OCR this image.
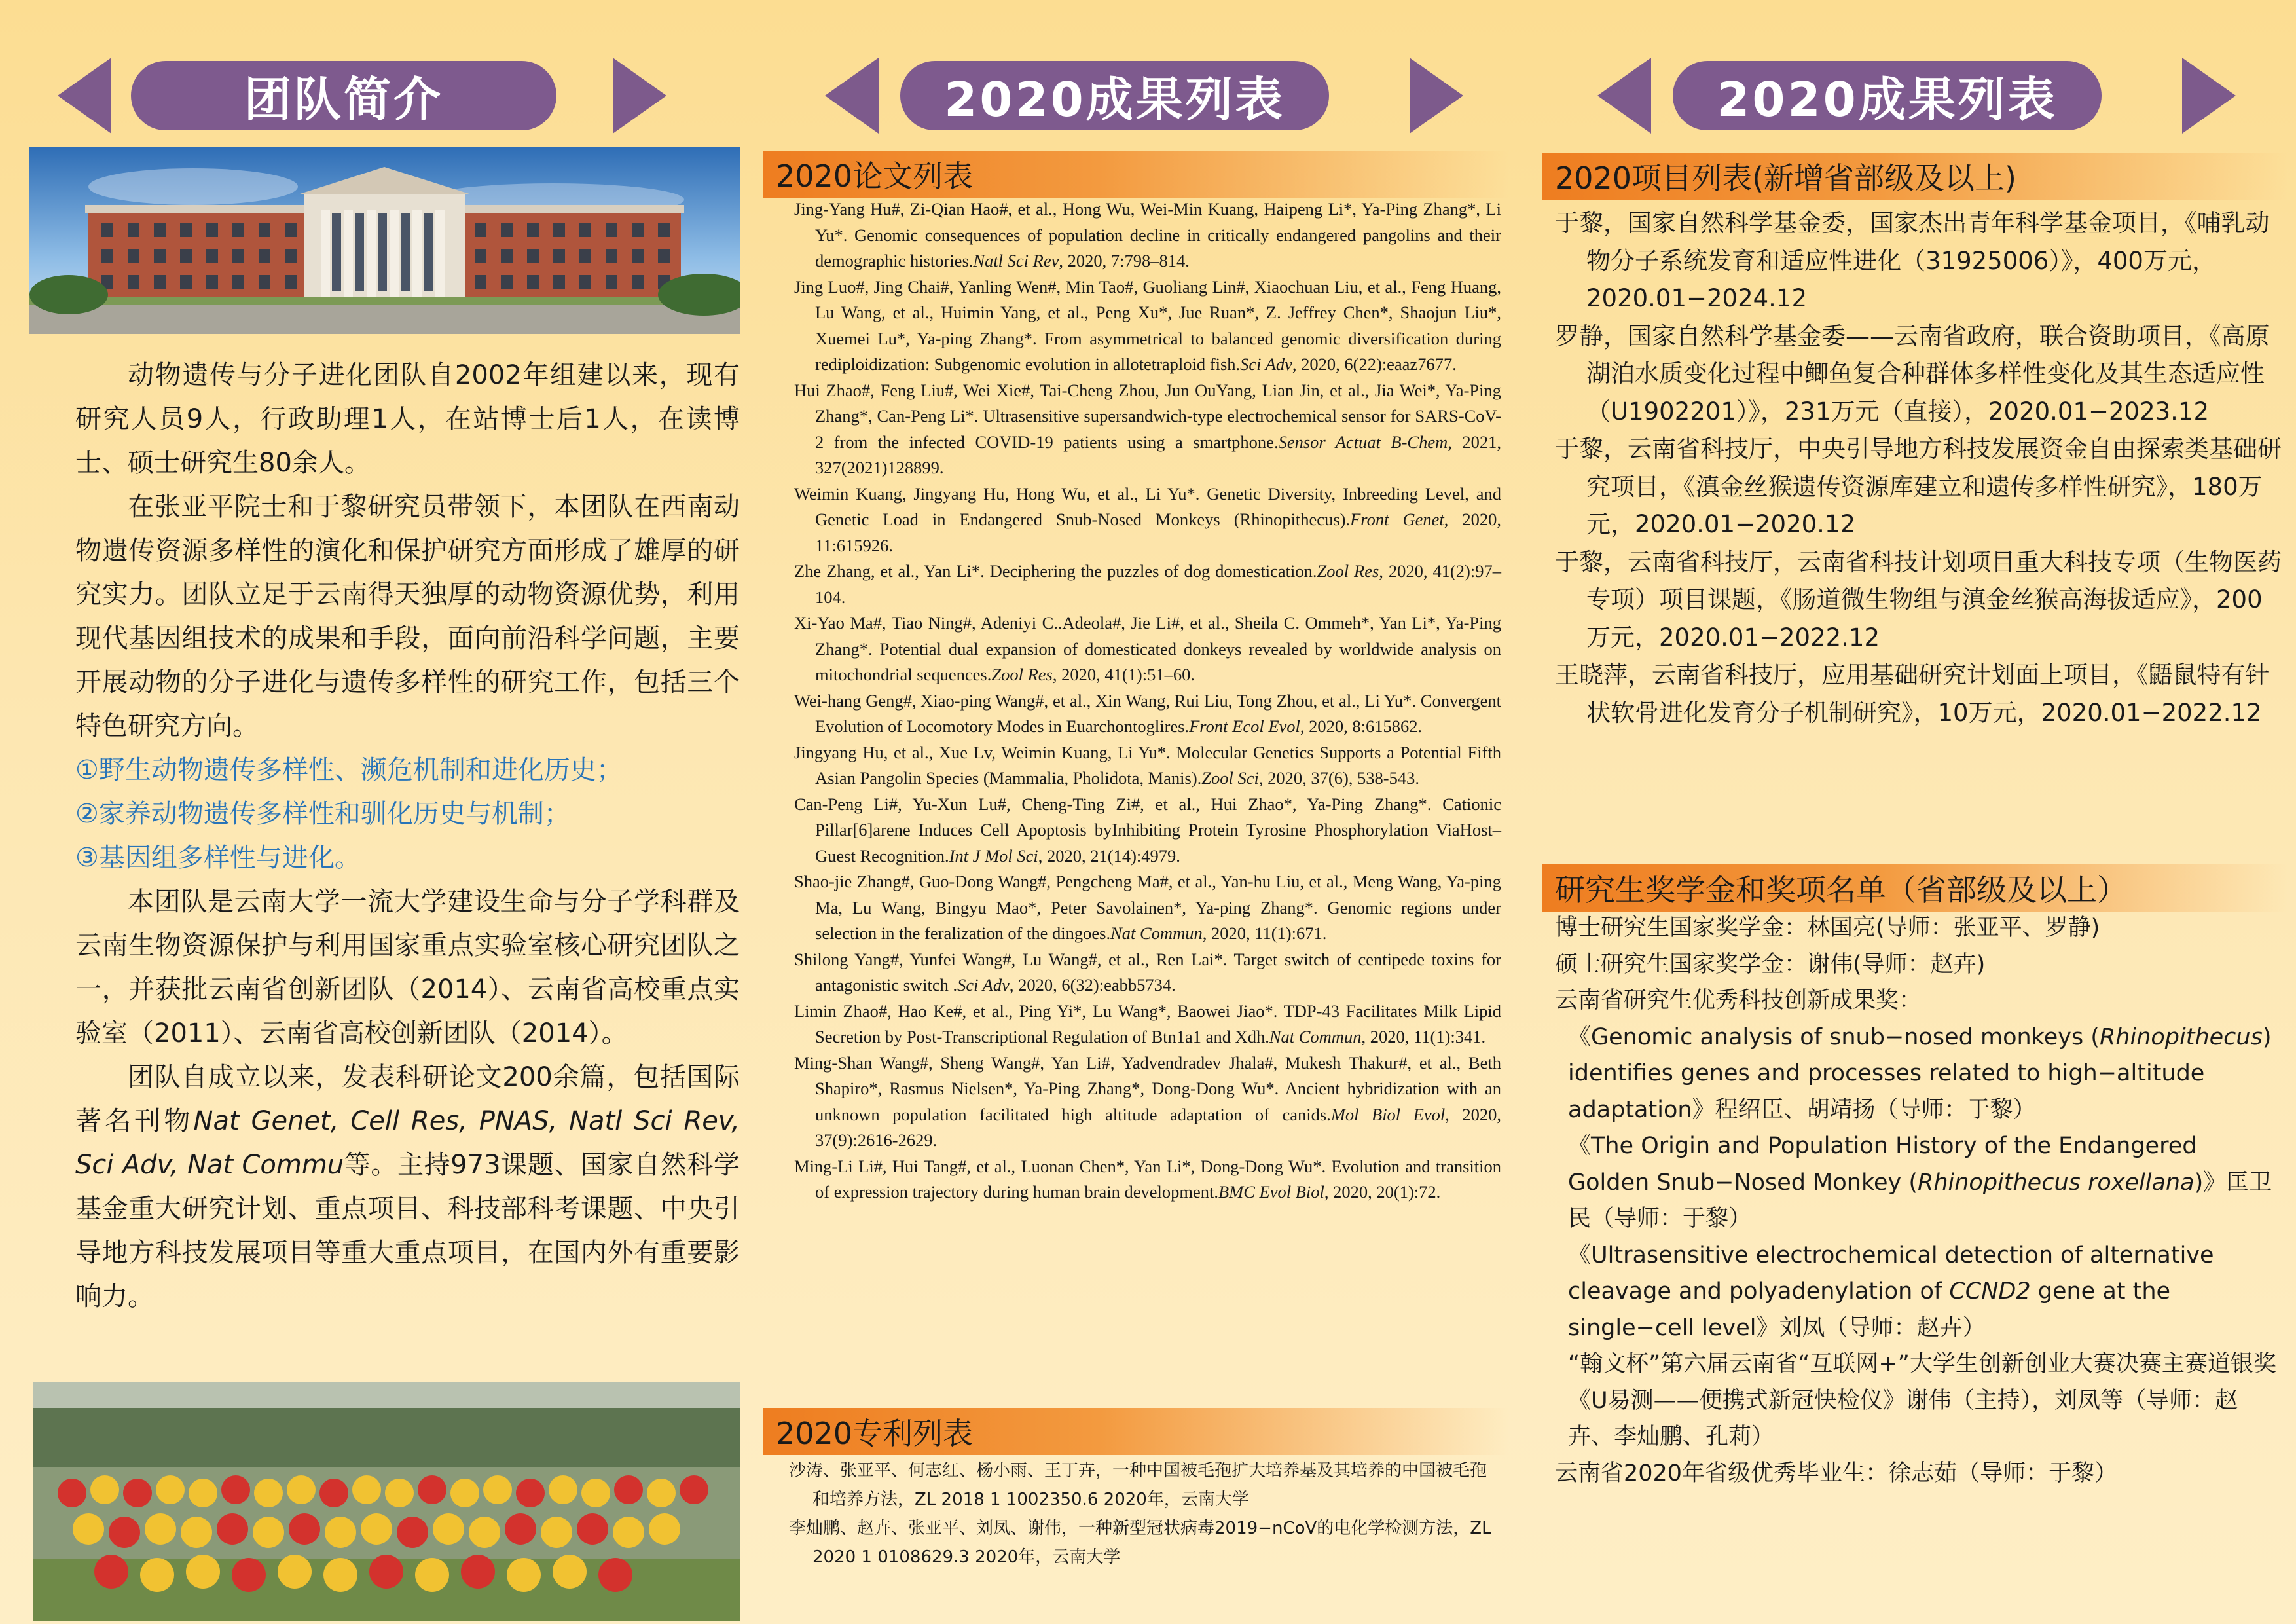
团队简介

动物遗传与分子进化团队自2002年组建以来，现有研究人员9人，行政助理1人，在站博士后1人，在读博士、硕士研究生80余人。

在张亚平院士和于黎研究员带领下，本团队在西南动物遗传资源多样性的演化和保护研究方面形成了雄厚的研究实力。团队立足于云南得天独厚的动物资源优势，利用现代基因组技术的成果和手段，面向前沿科学问题，主要开展动物的分子进化与遗传多样性的研究工作，包括三个特色研究方向。

①野生动物遗传多样性、濒危机制和进化历史；

②家养动物遗传多样性和驯化历史与机制；

③基因组多样性与进化。

本团队是云南大学一流大学建设生命与分子学科群及云南生物资源保护与利用国家重点实验室核心研究团队之一，并获批云南省创新团队（2014）、云南省高校重点实验室（2011）、云南省高校创新团队（2014）。

团队自成立以来，发表科研论文200余篇，包括国际著名刊物Nat Genet, Cell Res, PNAS, Natl Sci Rev, Sci Adv, Nat Commu等。主持973课题、国家自然科学基金重大研究计划、重点项目、科技部科考课题、中央引导地方科技发展项目等重大重点项目，在国内外有重要影响力。

2020成果列表
2020论文列表

Jing-Yang Hu#, Zi-Qian Hao#, et al., Hong Wu, Wei-Min Kuang, Haipeng Li*, Ya-Ping Zhang*, Li Yu*. Genomic consequences of population decline in critically endangered pangolins and their demographic histories.Natl Sci Rev, 2020, 7:798–814.

Jing Luo#, Jing Chai#, Yanling Wen#, Min Tao#, Guoliang Lin#, Xiaochuan Liu, et al., Feng Huang, Lu Wang, et al., Huimin Yang, et al., Peng Xu*, Jue Ruan*, Z. Jeffrey Chen*, Shaojun Liu*, Xuemei Lu*, Ya-ping Zhang*. From asymmetrical to balanced genomic diversification during rediploidization: Subgenomic evolution in allotetraploid fish.Sci Adv, 2020, 6(22):eaaz7677.

Hui Zhao#, Feng Liu#, Wei Xie#, Tai-Cheng Zhou, Jun OuYang, Lian Jin, et al., Jia Wei*, Ya-Ping Zhang*, Can-Peng Li*. Ultrasensitive supersandwich-type electrochemical sensor for SARS-CoV-2 from the infected COVID-19 patients using a smartphone.Sensor Actuat B-Chem, 2021, 327(2021)128899.

Weimin Kuang, Jingyang Hu, Hong Wu, et al., Li Yu*. Genetic Diversity, Inbreeding Level, and Genetic Load in Endangered Snub-Nosed Monkeys (Rhinopithecus).Front Genet, 2020, 11:615926.

Zhe Zhang, et al., Yan Li*. Deciphering the puzzles of dog domestication.Zool Res, 2020, 41(2):97–104.

Xi-Yao Ma#, Tiao Ning#, Adeniyi C..Adeola#, Jie Li#, et al., Sheila C. Ommeh*, Yan Li*, Ya-Ping Zhang*. Potential dual expansion of domesticated donkeys revealed by worldwide analysis on mitochondrial sequences.Zool Res, 2020, 41(1):51–60.

Wei-hang Geng#, Xiao-ping Wang#, et al., Xin Wang, Rui Liu, Tong Zhou, et al., Li Yu*. Convergent Evolution of Locomotory Modes in Euarchontoglires.Front Ecol Evol, 2020, 8:615862.

Jingyang Hu, et al., Xue Lv, Weimin Kuang, Li Yu*. Molecular Genetics Supports a Potential Fifth Asian Pangolin Species (Mammalia, Pholidota, Manis).Zool Sci, 2020, 37(6), 538-543.

Can-Peng Li#, Yu-Xun Lu#, Cheng-Ting Zi#, et al., Hui Zhao*, Ya-Ping Zhang*. Cationic Pillar[6]arene Induces Cell Apoptosis byInhibiting Protein Tyrosine Phosphorylation ViaHost–Guest Recognition.Int J Mol Sci, 2020, 21(14):4979.

Shao-jie Zhang#, Guo-Dong Wang#, Pengcheng Ma#, et al., Yan-hu Liu, et al., Meng Wang, Ya-ping Ma, Lu Wang, Bingyu Mao*, Peter Savolainen*, Ya-ping Zhang*. Genomic regions under selection in the feralization of the dingoes.Nat Commun, 2020, 11(1):671.

Shilong Yang#, Yunfei Wang#, Lu Wang#, et al., Ren Lai*. Target switch of centipede toxins for antagonistic switch .Sci Adv, 2020, 6(32):eabb5734.

Limin Zhao#, Hao Ke#, et al., Ping Yi*, Lu Wang*, Baowei Jiao*. TDP-43 Facilitates Milk Lipid Secretion by Post-Transcriptional Regulation of Btn1a1 and Xdh.Nat Commun, 2020, 11(1):341.

Ming-Shan Wang#, Sheng Wang#, Yan Li#, Yadvendradev Jhala#, Mukesh Thakur#, et al., Beth Shapiro*, Rasmus Nielsen*, Ya-Ping Zhang*, Dong-Dong Wu*. Ancient hybridization with an unknown population facilitated high altitude adaptation of canids.Mol Biol Evol, 2020, 37(9):2616-2629.

Ming-Li Li#, Hui Tang#, et al., Luonan Chen*, Yan Li*, Dong-Dong Wu*. Evolution and transition of expression trajectory during human brain development.BMC Evol Biol, 2020, 20(1):72.

2020专利列表

沙涛、张亚平、何志红、杨小雨、王丁卉，一种中国被毛孢扩大培养基及其培养的中国被毛孢和培养方法，ZL 2018 1 1002350.6 2020年，云南大学

李灿鹏、赵卉、张亚平、刘凤、谢伟，一种新型冠状病毒2019−nCoV的电化学检测方法，ZL 2020 1 0108629.3 2020年，云南大学

2020成果列表
2020项目列表(新增省部级及以上)

于黎，国家自然科学基金委，国家杰出青年科学基金项目，《哺乳动物分子系统发育和适应性进化（31925006）》，400万元，2020.01−2024.12

罗静，国家自然科学基金委——云南省政府，联合资助项目，《高原湖泊水质变化过程中鲫鱼复合种群体多样性变化及其生态适应性（U1902201）》，231万元（直接），2020.01−2023.12

于黎，云南省科技厅，中央引导地方科技发展资金自由探索类基础研究项目，《滇金丝猴遗传资源库建立和遗传多样性研究》，180万元，2020.01−2020.12

于黎，云南省科技厅，云南省科技计划项目重大科技专项（生物医药专项）项目课题，《肠道微生物组与滇金丝猴高海拔适应》，200万元，2020.01−2022.12

王晓萍，云南省科技厅，应用基础研究计划面上项目，《鼯鼠特有针状软骨进化发育分子机制研究》，10万元，2020.01−2022.12

研究生奖学金和奖项名单（省部级及以上）

博士研究生国家奖学金：林国亮(导师：张亚平、罗静)

硕士研究生国家奖学金：谢伟(导师：赵卉)

云南省研究生优秀科技创新成果奖：

《Genomic analysis of snub−nosed monkeys (Rhinopithecus) identifies genes and processes related to high−altitude adaptation》程绍臣、胡靖扬（导师：于黎）

《The Origin and Population History of the Endangered Golden Snub−Nosed Monkey (Rhinopithecus roxellana)》匡卫民（导师：于黎）

《Ultrasensitive electrochemical detection of alternative cleavage and polyadenylation of CCND2 gene at the single−cell level》刘凤（导师：赵卉）

“翰文杯”第六届云南省“互联网+”大学生创新创业大赛决赛主赛道银奖

《U易测——便携式新冠快检仪》谢伟（主持），刘凤等（导师：赵卉、李灿鹏、孔莉）

云南省2020年省级优秀毕业生：徐志茹（导师：于黎）
